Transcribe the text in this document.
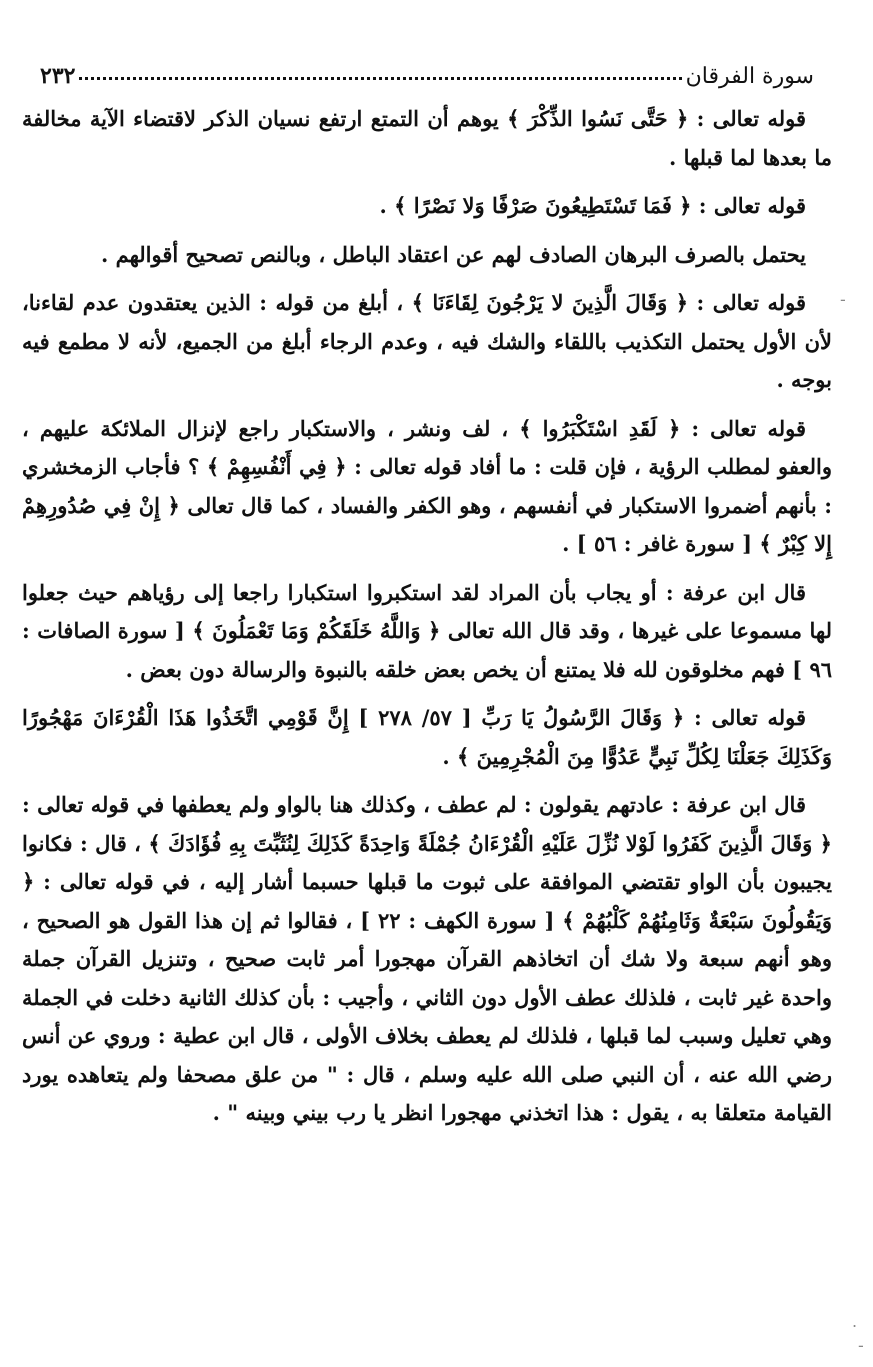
سورة الفرقان
٢٣٢

قوله تعالى : ﴿ حَتَّى نَسُوا الذِّكْرَ ﴾ يوهم أن التمتع ارتفع نسيان الذكر لاقتضاء الآية مخالفة ما بعدها لما قبلها .

قوله تعالى : ﴿ فَمَا تَسْتَطِيعُونَ صَرْفًا وَلا نَصْرًا ﴾ .

يحتمل بالصرف البرهان الصادف لهم عن اعتقاد الباطل ، وبالنص تصحيح أقوالهم .

قوله تعالى : ﴿ وَقَالَ الَّذِينَ لا يَرْجُونَ لِقَاءَنَا ﴾ ، أبلغ من قوله : الذين يعتقدون عدم لقاءنا، لأن الأول يحتمل التكذيب باللقاء والشك فيه ، وعدم الرجاء أبلغ من الجميع، لأنه لا مطمع فيه بوجه .

قوله تعالى : ﴿ لَقَدِ اسْتَكْبَرُوا ﴾ ، لف ونشر ، والاستكبار راجع لإنزال الملائكة عليهم ، والعفو لمطلب الرؤية ، فإن قلت : ما أفاد قوله تعالى : ﴿ فِي أَنْفُسِهِمْ ﴾ ؟ فأجاب الزمخشري : بأنهم أضمروا الاستكبار في أنفسهم ، وهو الكفر والفساد ، كما قال تعالى ﴿ إِنْ فِي صُدُورِهِمْ إِلا كِبْرٌ ﴾ [ سورة غافر : ٥٦ ] .

قال ابن عرفة : أو يجاب بأن المراد لقد استكبروا استكبارا راجعا إلى رؤياهم حيث جعلوا لها مسموعا على غيرها ، وقد قال الله تعالى ﴿ وَاللَّهُ خَلَقَكُمْ وَمَا تَعْمَلُونَ ﴾ [ سورة الصافات : ٩٦ ] فهم مخلوقون لله فلا يمتنع أن يخص بعض خلقه بالنبوة والرسالة دون بعض .

قوله تعالى : ﴿ وَقَالَ الرَّسُولُ يَا رَبِّ [ ٥٧/ ٢٧٨ ] إِنَّ قَوْمِي اتَّخَذُوا هَذَا الْقُرْءَانَ مَهْجُورًا وَكَذَلِكَ جَعَلْنَا لِكُلِّ نَبِيٍّ عَدُوًّا مِنَ الْمُجْرِمِينَ ﴾ .

قال ابن عرفة : عادتهم يقولون : لم عطف ، وكذلك هنا بالواو ولم يعطفها في قوله تعالى : ﴿ وَقَالَ الَّذِينَ كَفَرُوا لَوْلا نُزِّلَ عَلَيْهِ الْقُرْءَانُ جُمْلَةً وَاحِدَةً كَذَلِكَ لِنُثَبِّتَ بِهِ فُؤَادَكَ ﴾ ، قال : فكانوا يجيبون بأن الواو تقتضي الموافقة على ثبوت ما قبلها حسبما أشار إليه ، في قوله تعالى : ﴿ وَيَقُولُونَ سَبْعَةٌ وَثَامِنُهُمْ كَلْبُهُمْ ﴾ [ سورة الكهف : ٢٢ ] ، فقالوا ثم إن هذا القول هو الصحيح ، وهو أنهم سبعة ولا شك أن اتخاذهم القرآن مهجورا أمر ثابت صحيح ، وتنزيل القرآن جملة واحدة غير ثابت ، فلذلك عطف الأول دون الثاني ، وأجيب : بأن كذلك الثانية دخلت في الجملة وهي تعليل وسبب لما قبلها ، فلذلك لم يعطف بخلاف الأولى ، قال ابن عطية : وروي عن أنس رضي الله عنه ، أن النبي صلى الله عليه وسلم ، قال : " من علق مصحفا ولم يتعاهده يورد القيامة متعلقا به ، يقول : هذا اتخذني مهجورا انظر يا رب بيني وبينه " .

-
.
-
